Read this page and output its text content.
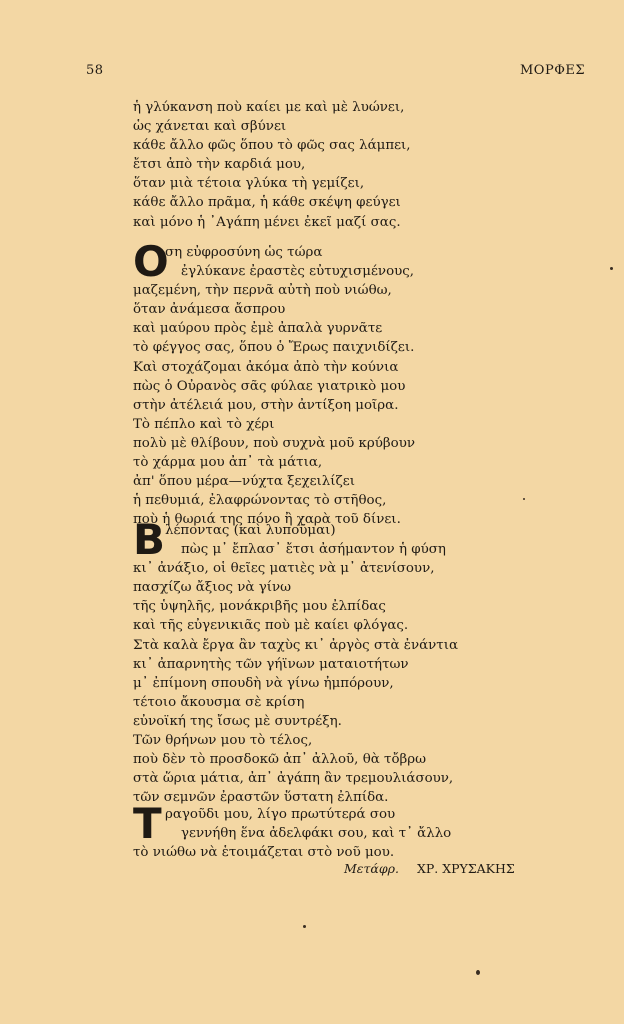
58	ΜΟΡΦΕΣ
ἡ γλύκανση ποὺ καίει με καὶ μὲ λυώνει,
ὡς χάνεται καὶ σβύνει
κάθε ἄλλο φῶς ὅπου τὸ φῶς σας λάμπει,
ἔτσι ἀπὸ τὴν καρδιά μου,
ὅταν μιὰ τέτοια γλύκα τὴ γεμίζει,
κάθε ἄλλο πρᾶμα, ἡ κάθε σκέψη φεύγει
καὶ μόνο ἡ ᾿Αγάπη μένει ἐκεῖ μαζί σας.
Ο
ση εὐφροσύνη ὡς τώρα
ἐγλύκανε ἐραστὲς εὐτυχισμένους,
μαζεμένη, τὴν περνᾶ αὐτὴ ποὺ νιώθω,
ὅταν ἀνάμεσα ἄσπρου
καὶ μαύρου πρὸς ἐμὲ ἀπαλὰ γυρνᾶτε
τὸ φέγγος σας, ὅπου ὁ Ἔρως παιχνιδίζει.
Καὶ στοχάζομαι ἀκόμα ἀπὸ τὴν κούνια
πὼς ὁ Οὐρανὸς σᾶς φύλαε γιατρικὸ μου
στὴν ἀτέλειά μου, στὴν ἀντίξοη μοῖρα.
Τὸ πέπλο καὶ τὸ χέρι
πολὺ μὲ θλίβουν, ποὺ συχνὰ μοῦ κρύβουν
τὸ χάρμα μου ἀπ᾿ τὰ μάτια,
ἀπ' ὅπου μέρα—νύχτα ξεχειλίζει
ἡ πεθυμιά, ἐλαφρώνοντας τὸ στῆθος,
ποὺ ἡ θωριά της πόνο ἢ χαρὰ τοῦ δίνει.
Β λέποντας (καὶ λυποῦμαι)
πὼς μ᾿ ἔπλασ᾿ ἔτσι ἀσήμαντον ἡ φύση
κι᾿ ἀνάξιο, οἱ θεῖες ματιὲς νὰ μ᾿ ἀτενίσουν,
πασχίζω ἄξιος νὰ γίνω
τῆς ὑψηλῆς, μονάκριβῆς μου ἐλπίδας
καὶ τῆς εὐγενικιᾶς ποὺ μὲ καίει φλόγας.
Στὰ καλὰ ἔργα ἂν ταχὺς κι᾿ ἀργὸς στὰ ἐνάντια
κι᾿ ἀπαρνητὴς τῶν γήϊνων ματαιοτήτων
μ᾿ ἐπίμονη σπουδὴ νὰ γίνω ἠμπόρουν,
τέτοιο ἄκουσμα σὲ κρίση
εὐνοϊκή της ἴσως μὲ συντρέξη.
Τῶν θρήνων μου τὸ τέλος,
ποὺ δὲν τὸ προσδοκῶ ἀπ᾿ ἀλλοῦ, θὰ τὄβρω
στὰ ὥρια μάτια, ἀπ᾿ ἀγάπη ἂν τρεμουλιάσουν,
τῶν σεμνῶν ἐραστῶν ὕστατη ἐλπίδα.
Τ ραγοῦδι μου, λίγο πρωτύτερά σου
γεννήθη ἕνα ἀδελφάκι σου, καὶ τ᾿ ἄλλο
τὸ νιώθω νὰ ἑτοιμάζεται στὸ νοῦ μου.
Μετάφρ. ΧΡ. ΧΡΥΣΑΚΗΣ
